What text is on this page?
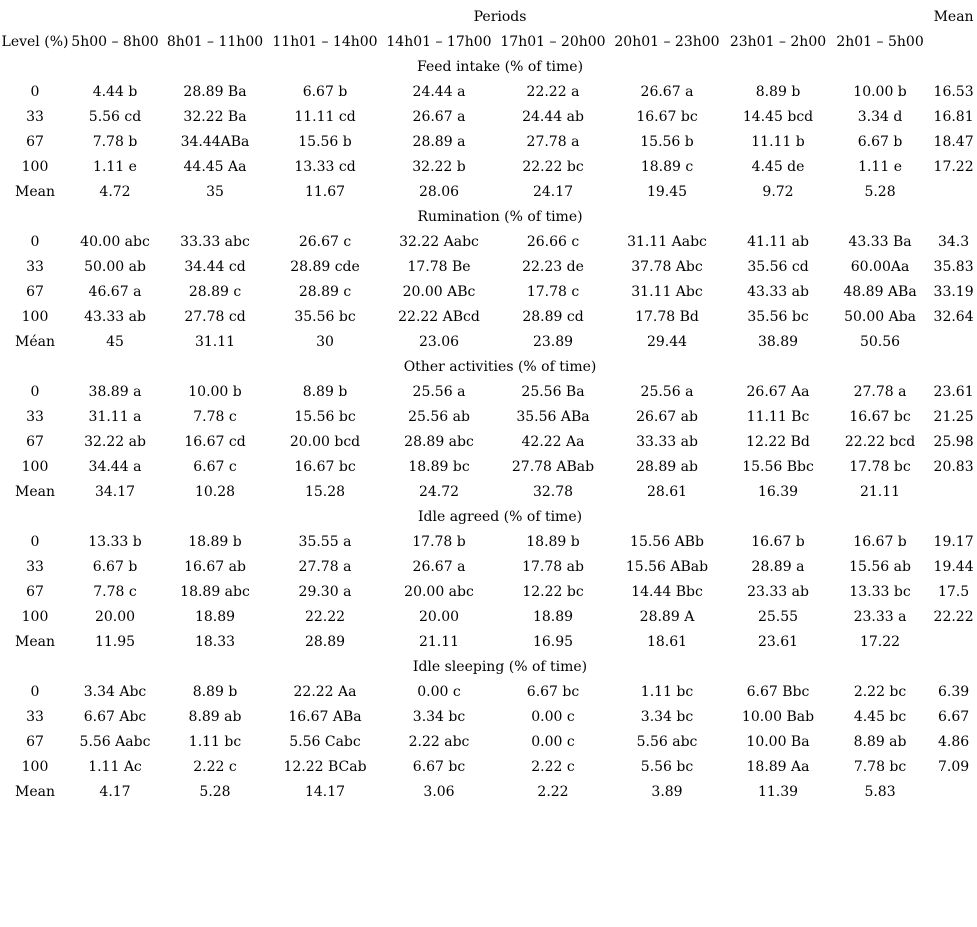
	Periods								Mean
Level (%)	5h00 – 8h00	8h01 – 11h00	11h01 – 14h00	14h01 – 17h00	17h01 – 20h00	20h01 – 23h00	23h01 – 2h00	2h01 – 5h00	
	Feed intake (% of time)								
0	4.44 b	28.89 Ba	6.67 b	24.44 a	22.22 a	26.67 a	8.89 b	10.00 b	16.53
33	5.56 cd	32.22 Ba	11.11 cd	26.67 a	24.44 ab	16.67 bc	14.45 bcd	3.34 d	16.81
67	7.78 b	34.44ABa	15.56 b	28.89 a	27.78 a	15.56 b	11.11 b	6.67 b	18.47
100	1.11 e	44.45 Aa	13.33 cd	32.22 b	22.22 bc	18.89 c	4.45 de	1.11 e	17.22
Mean	4.72	35	11.67	28.06	24.17	19.45	9.72	5.28	
	Rumination (% of time)								
0	40.00 abc	33.33 abc	26.67 c	32.22 Aabc	26.66 c	31.11 Aabc	41.11 ab	43.33 Ba	34.3
33	50.00 ab	34.44 cd	28.89 cde	17.78 Be	22.23 de	37.78 Abc	35.56 cd	60.00Aa	35.83
67	46.67 a	28.89 c	28.89 c	20.00 ABc	17.78 c	31.11 Abc	43.33 ab	48.89 ABa	33.19
100	43.33 ab	27.78 cd	35.56 bc	22.22 ABcd	28.89 cd	17.78 Bd	35.56 bc	50.00 Aba	32.64
Méan	45	31.11	30	23.06	23.89	29.44	38.89	50.56	
	Other activities (% of time)								
0	38.89 a	10.00 b	8.89 b	25.56 a	25.56 Ba	25.56 a	26.67 Aa	27.78 a	23.61
33	31.11 a	7.78 c	15.56 bc	25.56 ab	35.56 ABa	26.67 ab	11.11 Bc	16.67 bc	21.25
67	32.22 ab	16.67 cd	20.00 bcd	28.89 abc	42.22 Aa	33.33 ab	12.22 Bd	22.22 bcd	25.98
100	34.44 a	6.67 c	16.67 bc	18.89 bc	27.78 ABab	28.89 ab	15.56 Bbc	17.78 bc	20.83
Mean	34.17	10.28	15.28	24.72	32.78	28.61	16.39	21.11	
	Idle agreed (% of time)								
0	13.33 b	18.89 b	35.55 a	17.78 b	18.89 b	15.56 ABb	16.67 b	16.67 b	19.17
33	6.67 b	16.67 ab	27.78 a	26.67 a	17.78 ab	15.56 ABab	28.89 a	15.56 ab	19.44
67	7.78 c	18.89 abc	29.30 a	20.00 abc	12.22 bc	14.44 Bbc	23.33 ab	13.33 bc	17.5
100	20.00	18.89	22.22	20.00	18.89	28.89 A	25.55	23.33 a	22.22
Mean	11.95	18.33	28.89	21.11	16.95	18.61	23.61	17.22	
	Idle sleeping (% of time)								
0	3.34 Abc	8.89 b	22.22 Aa	0.00 c	6.67 bc	1.11 bc	6.67 Bbc	2.22 bc	6.39
33	6.67 Abc	8.89 ab	16.67 ABa	3.34 bc	0.00 c	3.34 bc	10.00 Bab	4.45 bc	6.67
67	5.56 Aabc	1.11 bc	5.56 Cabc	2.22 abc	0.00 c	5.56 abc	10.00 Ba	8.89 ab	4.86
100	1.11 Ac	2.22 c	12.22 BCab	6.67 bc	2.22 c	5.56 bc	18.89 Aa	7.78 bc	7.09
Mean	4.17	5.28	14.17	3.06	2.22	3.89	11.39	5.83	
